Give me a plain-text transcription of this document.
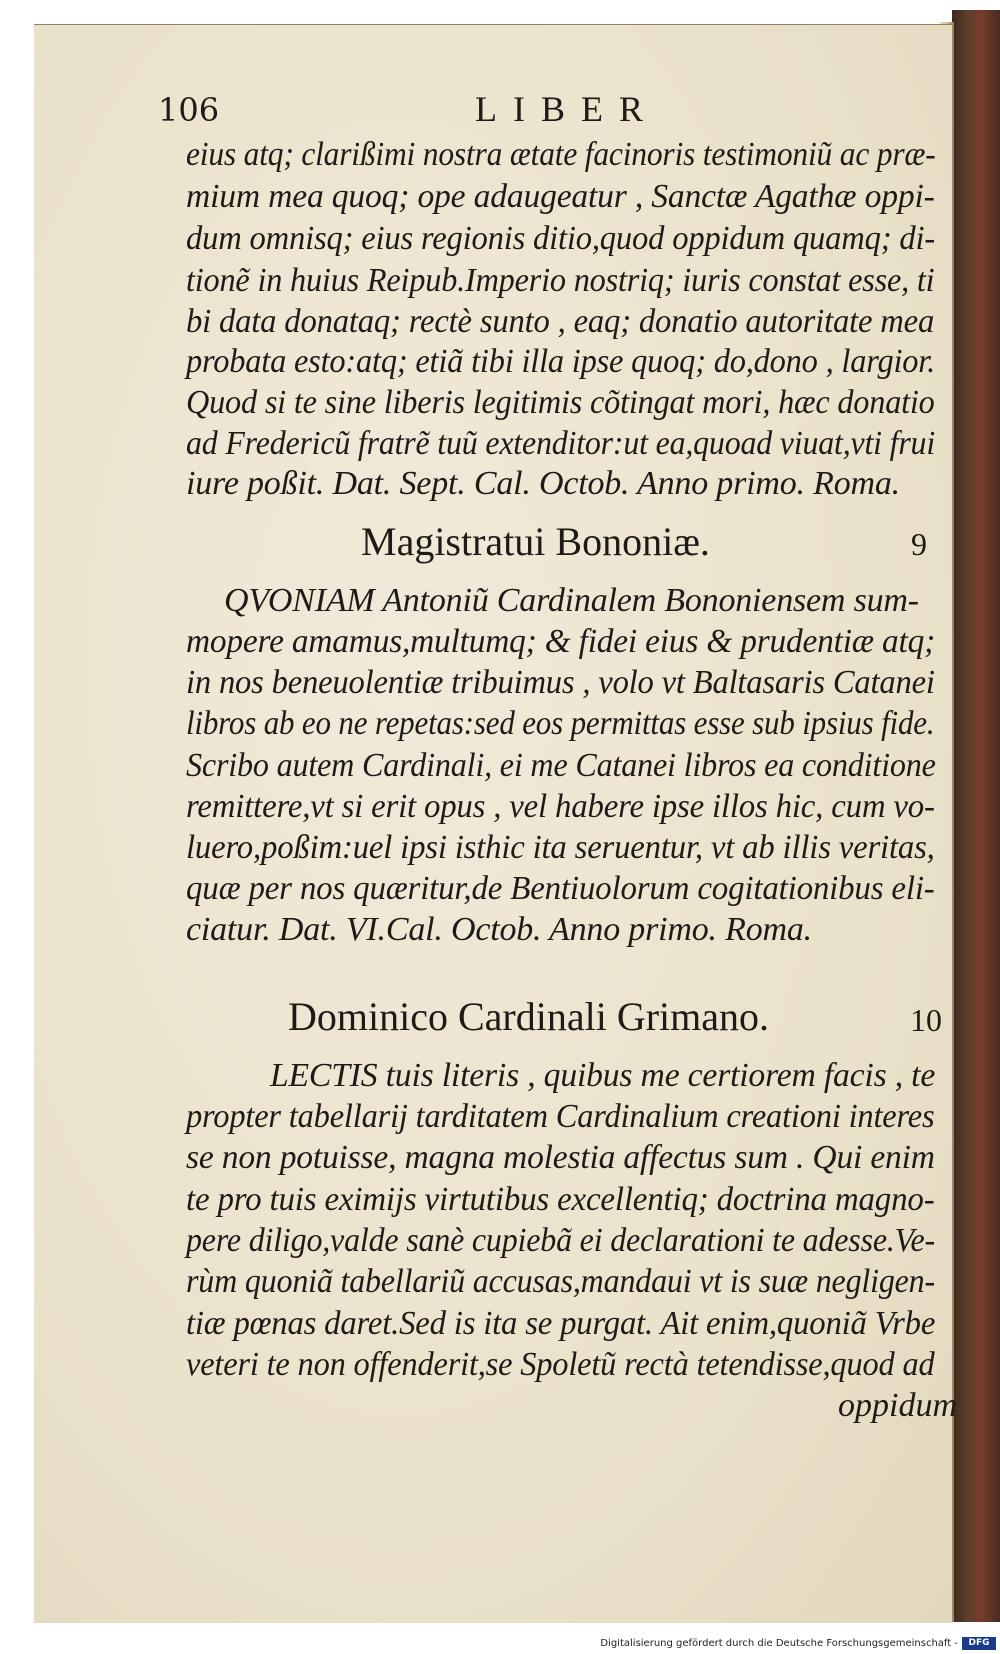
106	LIBER
eius atq; clarißimi nostra ætate facinoris testimoniũ ac præ-
mium mea quoq; ope adaugeatur , Sanctæ Agathæ oppi-
dum omnisq; eius regionis ditio,quod oppidum quamq; di-
tionẽ in huius Reipub.Imperio nostriq; iuris constat esse, ti
bi data donataq; rectè sunto , eaq; donatio autoritate mea
probata esto:atq; etiã tibi illa ipse quoq; do,dono , largior.
Quod si te sine liberis legitimis cõtingat mori, hæc donatio
ad Fredericũ fratrẽ tuũ extenditor:ut ea,quoad viuat,vti frui
iure poßit. Dat. Sept. Cal. Octob. Anno primo. Roma.
Magistratui Bononiæ.	9
QVONIAM Antoniũ Cardinalem Bononiensem sum-
mopere amamus,multumq; & fidei eius & prudentiæ atq;
in nos beneuolentiæ tribuimus , volo vt Baltasaris Catanei
libros ab eo ne repetas:sed eos permittas esse sub ipsius fide.
Scribo autem Cardinali, ei me Catanei libros ea conditione
remittere,vt si erit opus , vel habere ipse illos hic, cum vo-
luero,poßim:uel ipsi isthic ita seruentur, vt ab illis veritas,
quæ per nos quæritur,de Bentiuolorum cogitationibus eli-
ciatur. Dat. VI.Cal. Octob. Anno primo. Roma.
Dominico Cardinali Grimano.	10
LECTIS tuis literis , quibus me certiorem facis , te
propter tabellarij tarditatem Cardinalium creationi interes
se non potuisse, magna molestia affectus sum . Qui enim
te pro tuis eximijs virtutibus excellentiq; doctrina magno-
pere diligo,valde sanè cupiebã ei declarationi te adesse.Ve-
rùm quoniã tabellariũ accusas,mandaui vt is suæ negligen-
tiæ pœnas daret.Sed is ita se purgat. Ait enim,quoniã Vrbe
veteri te non offenderit,se Spoletũ rectà tetendisse,quod ad
oppidum
Digitalisierung gefördert durch die Deutsche Forschungsgemeinschaft -	DFG
